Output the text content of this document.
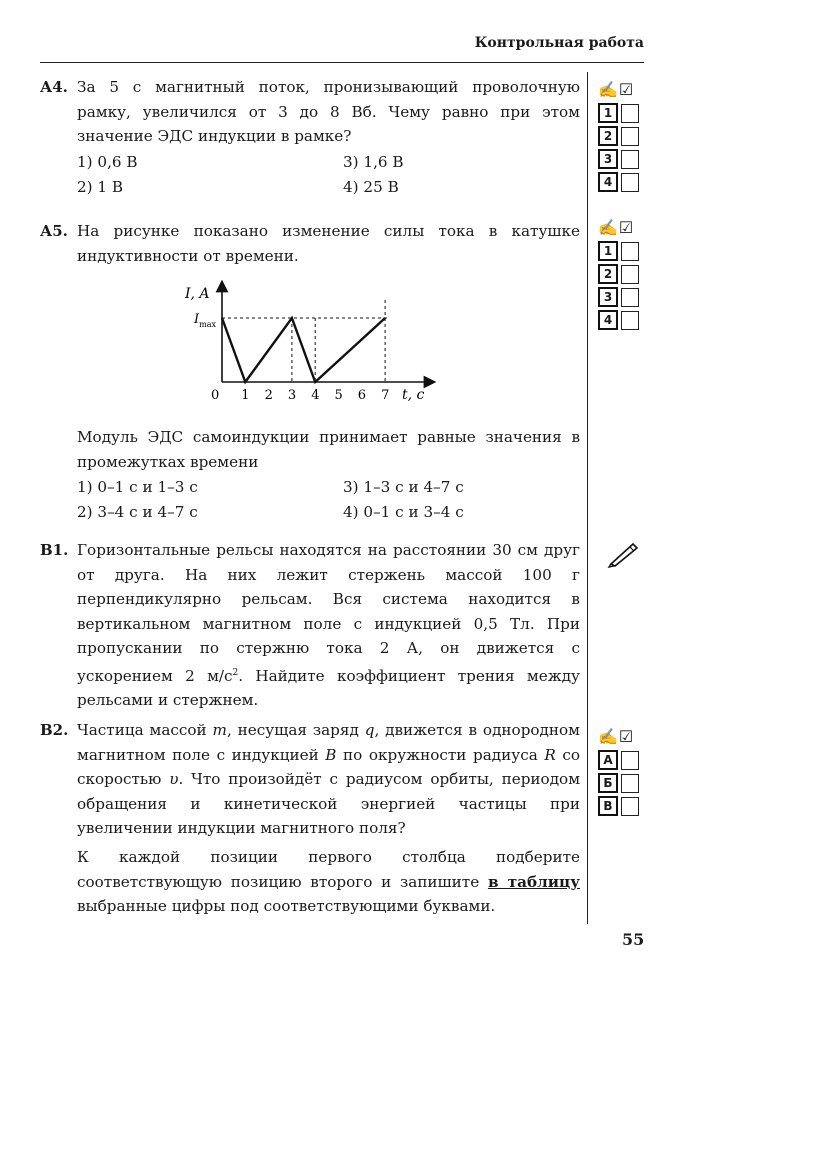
Контрольная работа
А4. За 5 с магнитный поток, пронизывающий проволочную рамку, увеличился от 3 до 8 Вб. Чему равно при этом значение ЭДС индукции в рамке?
1) 0,6 В
2) 1 В
3) 1,6 В
4) 25 В
✍☑
1
2
3
4
А5. На рисунке показано изменение силы тока в катушке индуктивности от времени.
0 1 2 3 4 5 6 7
I, A
$I_{max}$
t, c
Модуль ЭДС самоиндукции принимает равные значения в промежутках времени
1) 0–1 с и 1–3 с
2) 3–4 с и 4–7 с
3) 1–3 с и 4–7 с
4) 0–1 с и 3–4 с
✍☑
1
2
3
4
В1. Горизонтальные рельсы находятся на расстоянии 30 см друг от друга. На них лежит стержень массой 100 г перпендикулярно рельсам. Вся система находится в вертикальном магнитном поле с индукцией 0,5 Тл. При пропускании по стержню тока 2 А, он движется с ускорением 2 $м/с^2$. Найдите коэффициент трения между рельсами и стержнем.
В2. Частица массой m, несущая заряд q, движется в однородном магнитном поле с индукцией B по окружности радиуса R со скоростью υ. Что произойдёт с радиусом орбиты, периодом обращения и кинетической энергией частицы при увеличении индукции магнитного поля?
К каждой позиции первого столбца подберите соответствующую позицию второго и запишите в таблицу выбранные цифры под соответствующими буквами.
✍☑
А
Б
В
55
